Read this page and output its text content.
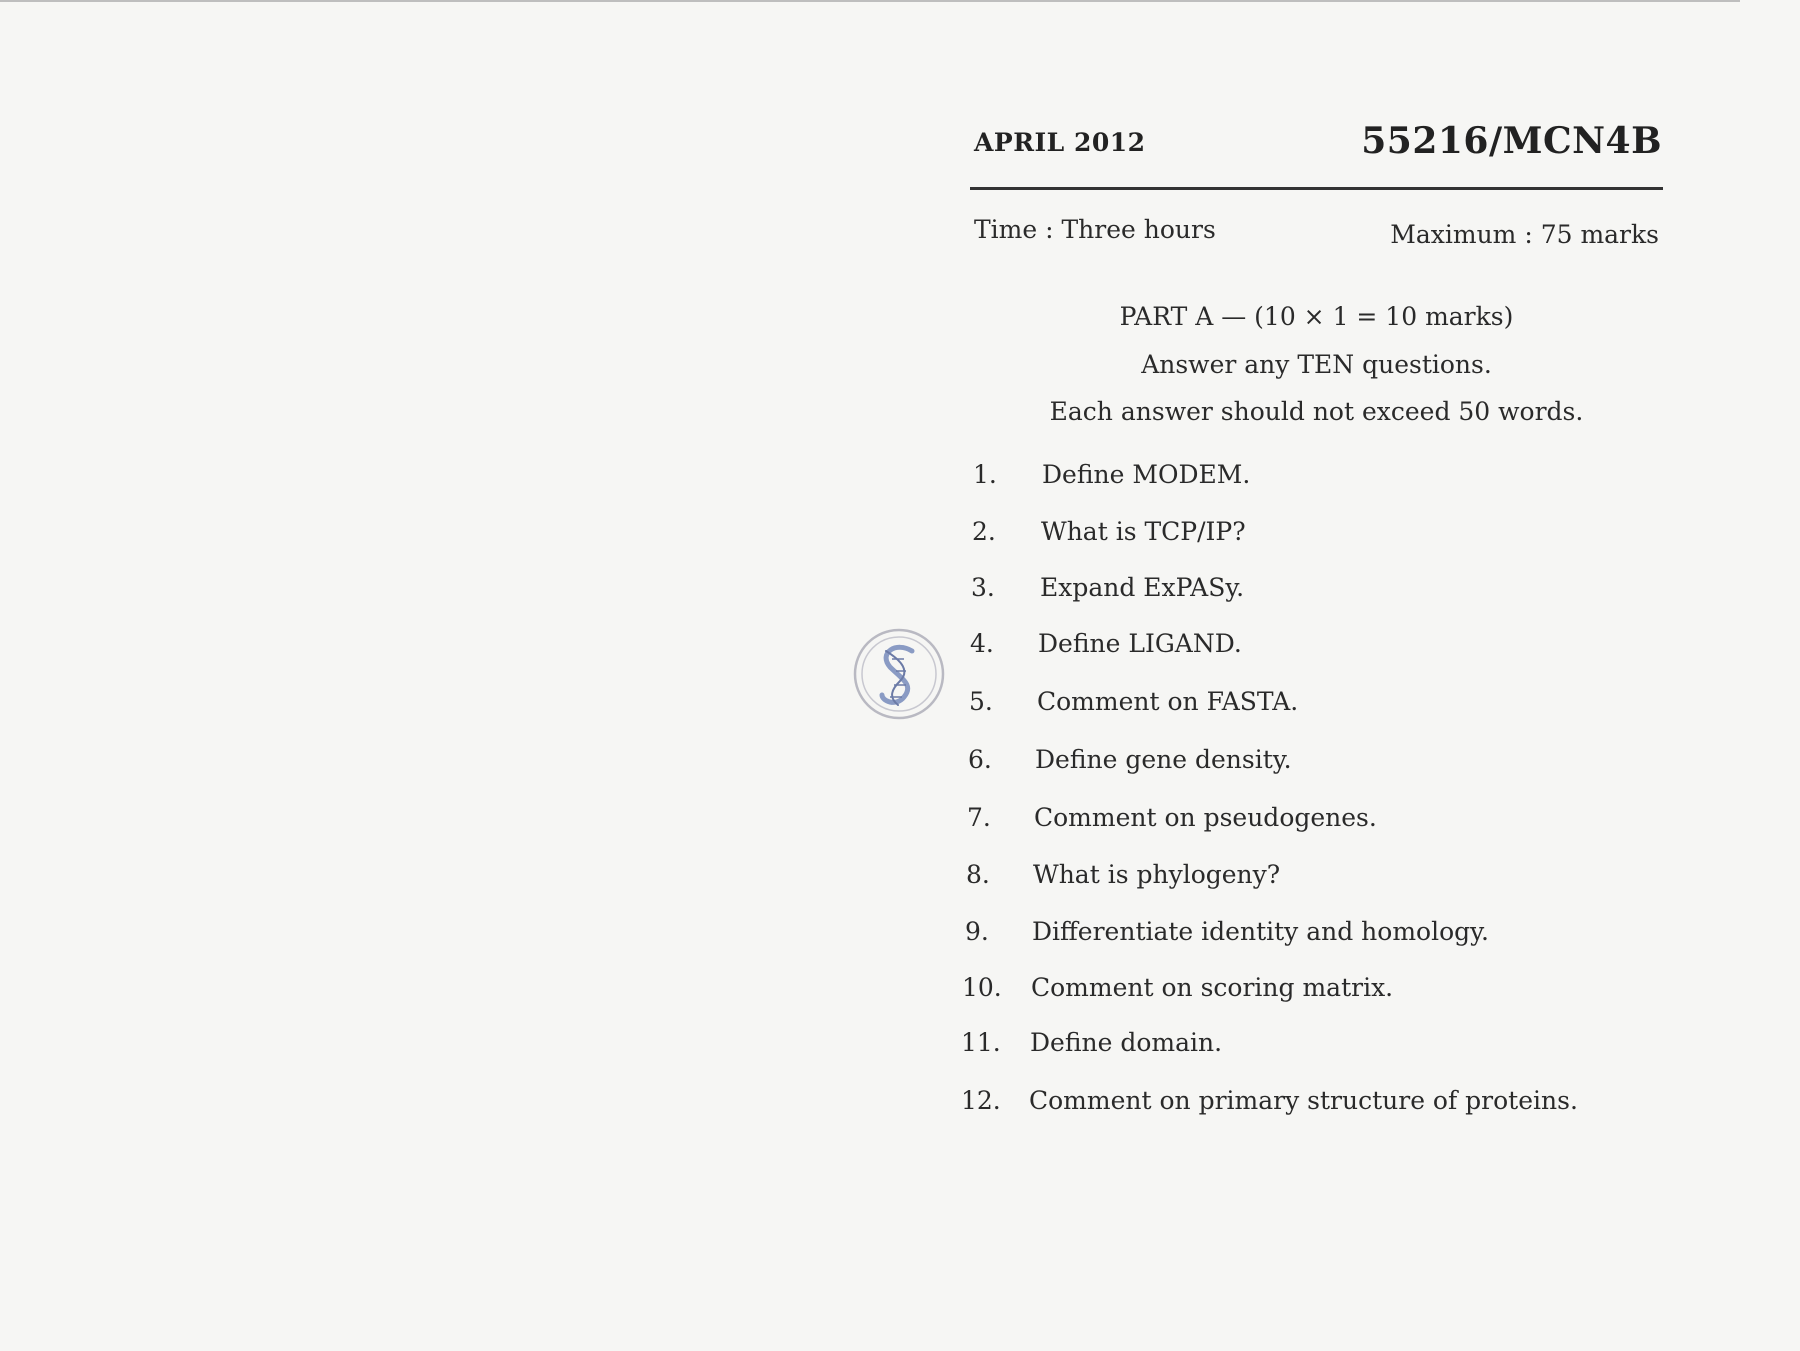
APRIL 2012	55216/MCN4B
Time : Three hours	Maximum : 75 marks
PART A — (10 × 1 = 10 marks)
Answer any TEN questions.
Each answer should not exceed 50 words.
1. Define MODEM.
2. What is TCP/IP?
3. Expand ExPASy.
4. Define LIGAND.
5. Comment on FASTA.
6. Define gene density.
7. Comment on pseudogenes.
8. What is phylogeny?
9. Differentiate identity and homology.
10. Comment on scoring matrix.
11. Define domain.
12. Comment on primary structure of proteins.
